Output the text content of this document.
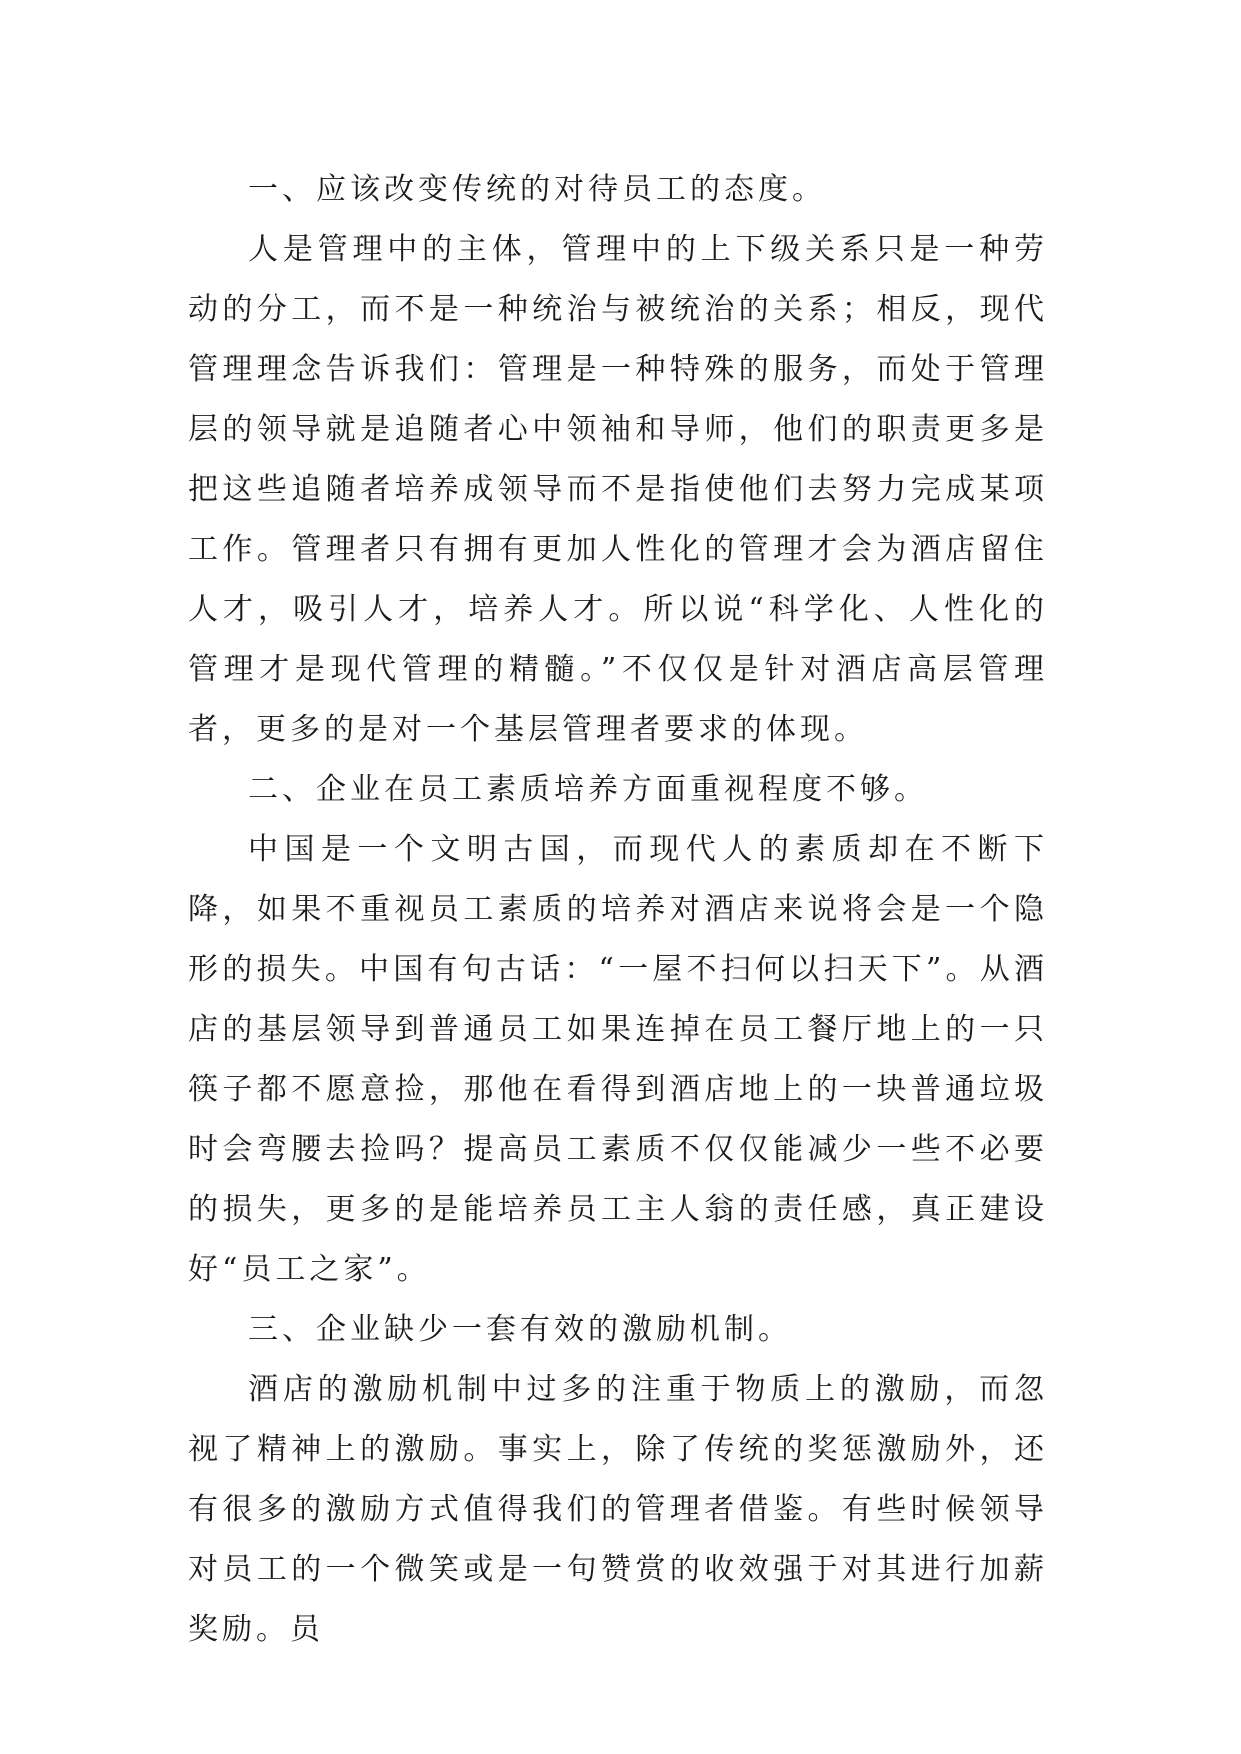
一、应该改变传统的对待员工的态度。

人是管理中的主体，管理中的上下级关系只是一种劳动的分工，而不是一种统治与被统治的关系；相反，现代管理理念告诉我们：管理是一种特殊的服务，而处于管理层的领导就是追随者心中领袖和导师，他们的职责更多是把这些追随者培养成领导而不是指使他们去努力完成某项工作。管理者只有拥有更加人性化的管理才会为酒店留住人才，吸引人才，培养人才。所以说“科学化、人性化的管理才是现代管理的精髓。”不仅仅是针对酒店高层管理者，更多的是对一个基层管理者要求的体现。

二、企业在员工素质培养方面重视程度不够。

中国是一个文明古国，而现代人的素质却在不断下降，如果不重视员工素质的培养对酒店来说将会是一个隐形的损失。中国有句古话：“一屋不扫何以扫天下”。从酒店的基层领导到普通员工如果连掉在员工餐厅地上的一只筷子都不愿意捡，那他在看得到酒店地上的一块普通垃圾时会弯腰去捡吗？提高员工素质不仅仅能减少一些不必要的损失，更多的是能培养员工主人翁的责任感，真正建设好“员工之家”。

三、企业缺少一套有效的激励机制。

酒店的激励机制中过多的注重于物质上的激励，而忽视了精神上的激励。事实上，除了传统的奖惩激励外，还有很多的激励方式值得我们的管理者借鉴。有些时候领导对员工的一个微笑或是一句赞赏的收效强于对其进行加薪奖励。员
